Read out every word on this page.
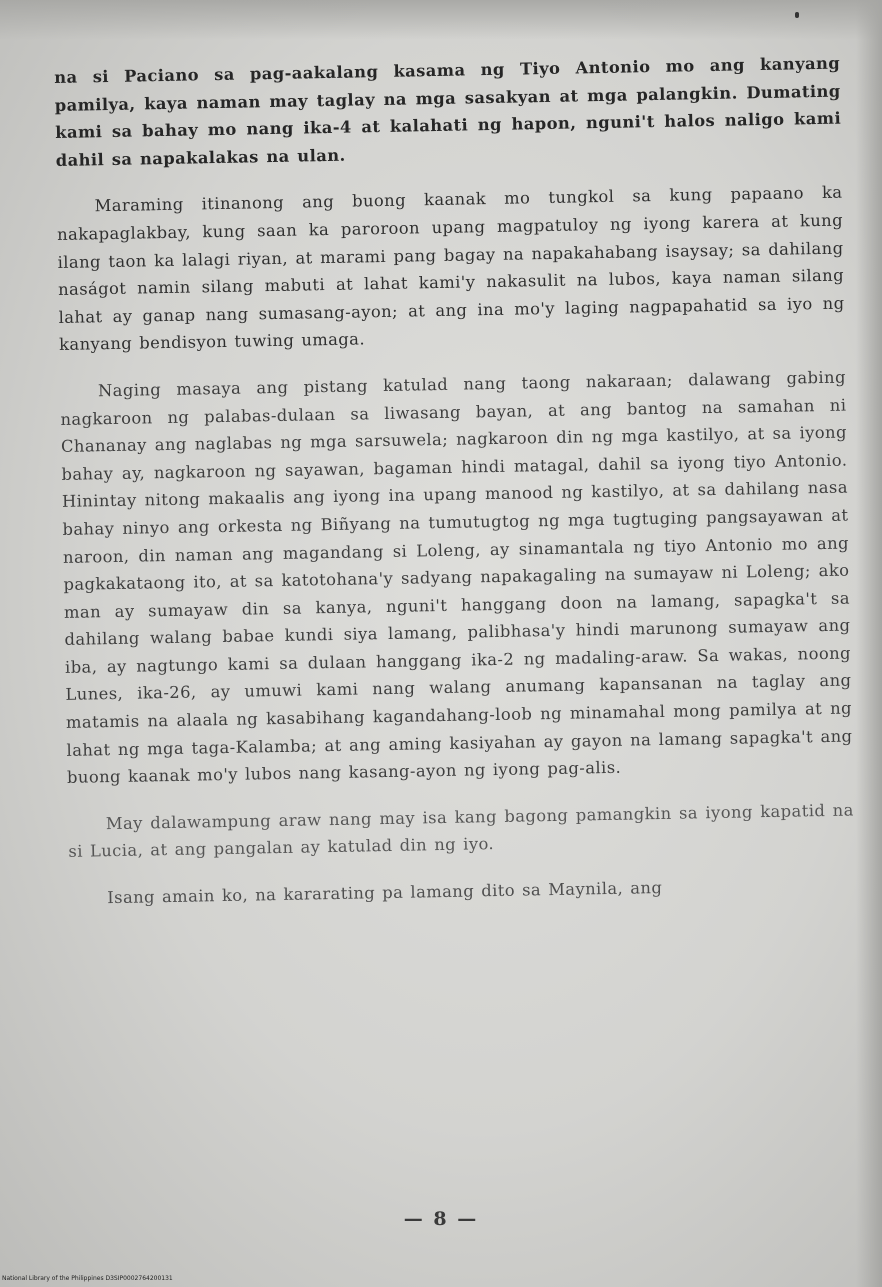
na si Paciano sa pag-aakalang kasama ng Tiyo Antonio mo ang kanyang pamilya, kaya naman may taglay na mga sasakyan at mga palangkin. Dumating kami sa bahay mo nang ika-4 at kalahati ng hapon, nguni't halos naligo kami dahil sa napakalakas na ulan.

Maraming itinanong ang buong kaanak mo tungkol sa kung papaano ka nakapaglakbay, kung saan ka paroroon upang magpatuloy ng iyong karera at kung ilang taon ka lalagi riyan, at marami pang bagay na napakahabang isaysay; sa dahilang naságot namin silang mabuti at lahat kami'y nakasulit na lubos, kaya naman silang lahat ay ganap nang sumasang-ayon; at ang ina mo'y laging nagpapahatid sa iyo ng kanyang bendisyon tuwing umaga.

Naging masaya ang pistang katulad nang taong nakaraan; dalawang gabing nagkaroon ng palabas-dulaan sa liwasang bayan, at ang bantog na samahan ni Chananay ang naglabas ng mga sarsuwela; nagkaroon din ng mga kastilyo, at sa iyong bahay ay, nagkaroon ng sayawan, bagaman hindi matagal, dahil sa iyong tiyo Antonio. Hinintay nitong makaalis ang iyong ina upang manood ng kastilyo, at sa dahilang nasa bahay ninyo ang orkesta ng Biñyang na tumutugtog ng mga tugtuging pangsayawan at naroon, din naman ang magandang si Loleng, ay sinamantala ng tiyo Antonio mo ang pagkakataong ito, at sa katotohana'y sadyang napakagaling na sumayaw ni Loleng; ako man ay sumayaw din sa kanya, nguni't hanggang doon na lamang, sapagka't sa dahilang walang babae kundi siya lamang, palibhasa'y hindi marunong sumayaw ang iba, ay nagtungo kami sa dulaan hanggang ika-2 ng madaling-araw. Sa wakas, noong Lunes, ika-26, ay umuwi kami nang walang anumang kapansanan na taglay ang matamis na alaala ng kasabihang kagandahang-loob ng minamahal mong pamilya at ng lahat ng mga taga-Kalamba; at ang aming kasiyahan ay gayon na lamang sapagka't ang buong kaanak mo'y lubos nang kasang-ayon ng iyong pag-alis.

May dalawampung araw nang may isa kang bagong pamangkin sa iyong kapatid na si Lucia, at ang pangalan ay katulad din ng iyo.

Isang amain ko, na kararating pa lamang dito sa Maynila, ang

— 8 —
National Library of the Philippines D3SIP0002764200131
